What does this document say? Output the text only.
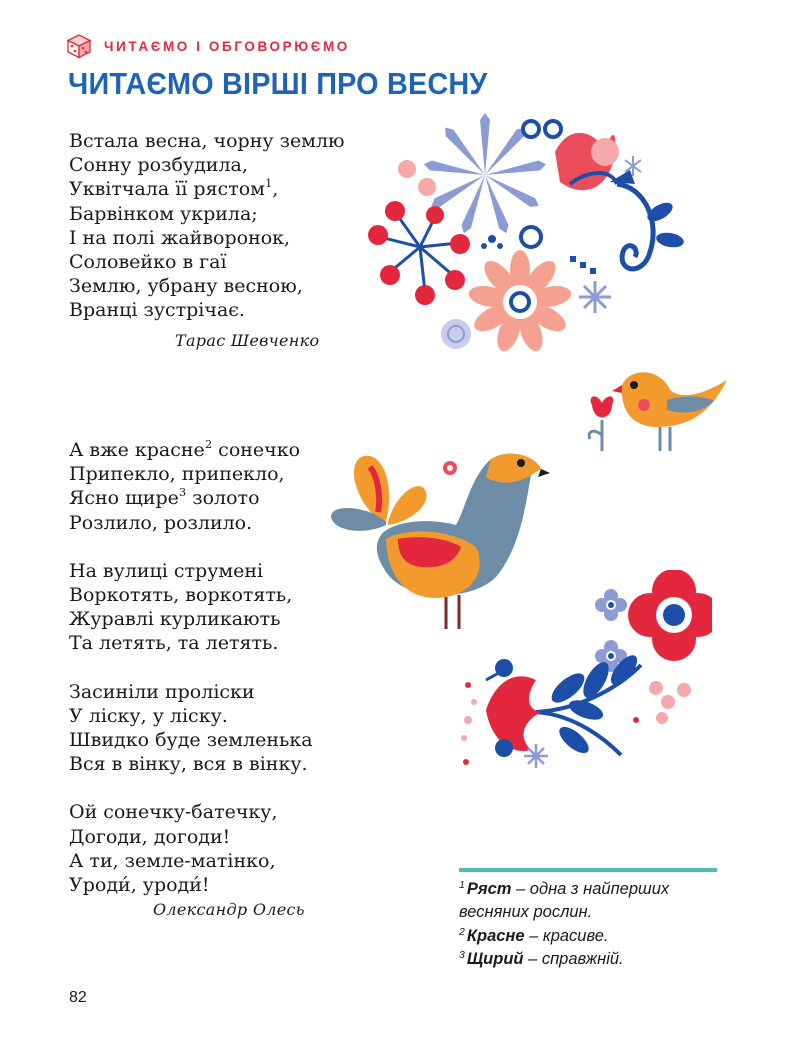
ЧИТАЄМО І ОБГОВОРЮЄМО
ЧИТАЄМО ВІРШІ ПРО ВЕСНУ
Встала весна, чорну землю
Сонну розбудила,
Уквітчала її рястом$^1$,
Барвінком укрила;
І на полі жайворонок,
Соловейко в гаї
Землю, убрану весною,
Вранці зустрічає.
Тарас Шевченко
А вже красне$^2$ сонечко
Припекло, припекло,
Ясно щире$^3$ золото
Розлило, розлило.
На вулиці струмені
Воркотять, воркотять,
Журавлі курликають
Та летять, та летять.
Засиніли проліски
У ліску, у ліску.
Швидко буде земленька
Вся в вінку, вся в вінку.
Ой сонечку-батечку,
Догоди, догоди!
А ти, земле-матінко,
Уроди́, уроди́!
Олександр Олесь

$^1$ Ряст – одна з найперших весняних рослин.

$^2$ Красне – красиве.

$^3$ Щирий – справжній.

82
